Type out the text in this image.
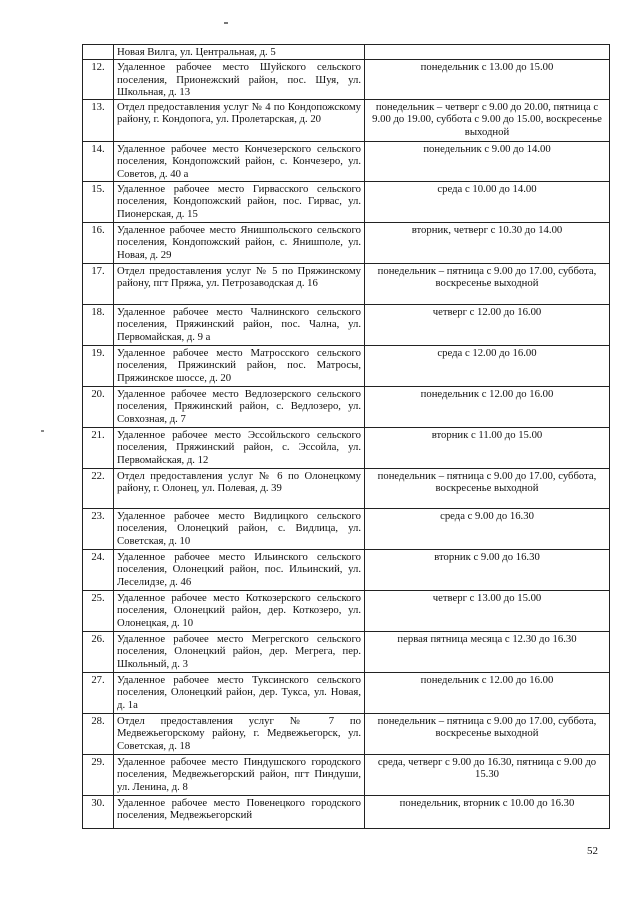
	Новая Вилга, ул. Центральная, д. 5	
12.	Удаленное рабочее место Шуйского сельского поселения, Прионежский район, пос. Шуя, ул. Школьная, д. 13	понедельник с 13.00 до 15.00
13.	Отдел предоставления услуг № 4 по Кондопожскому району, г. Кондопога, ул. Пролетарская, д. 20	понедельник – четверг с 9.00 до 20.00, пятница с 9.00 до 19.00, суббота с 9.00 до 15.00, воскресенье выходной
14.	Удаленное рабочее место Кончезерского сельского поселения, Кондопожский район, с. Кончезеро, ул. Советов, д. 40 а	понедельник с 9.00 до 14.00
15.	Удаленное рабочее место Гирвасского сельского поселения, Кондопожский район, пос. Гирвас, ул. Пионерская, д. 15	среда с 10.00 до 14.00
16.	Удаленное рабочее место Янишпольского сельского поселения, Кондопожский район, с. Янишполе, ул. Новая, д. 29	вторник, четверг с 10.30 до 14.00
17.	Отдел предоставления услуг № 5 по Пряжинскому району, пгт Пряжа, ул. Петрозаводская д. 16	понедельник – пятница с 9.00 до 17.00, суббота, воскресенье выходной
18.	Удаленное рабочее место Чалнинского сельского поселения, Пряжинский район, пос. Чална, ул. Первомайская, д. 9 а	четверг с 12.00 до 16.00
19.	Удаленное рабочее место Матросского сельского поселения, Пряжинский район, пос. Матросы, Пряжинское шоссе, д. 20	среда с 12.00 до 16.00
20.	Удаленное рабочее место Ведлозерского сельского поселения, Пряжинский район, с. Ведлозеро, ул. Совхозная, д. 7	понедельник с 12.00 до 16.00
21.	Удаленное рабочее место Эссойльского сельского поселения, Пряжинский район, с. Эссойла, ул. Первомайская, д. 12	вторник с 11.00 до 15.00
22.	Отдел предоставления услуг № 6 по Олонецкому району, г. Олонец, ул. Полевая, д. 39	понедельник – пятница с 9.00 до 17.00, суббота, воскресенье выходной
23.	Удаленное рабочее место Видлицкого сельского поселения, Олонецкий район, с. Видлица, ул. Советская, д. 10	среда с 9.00 до 16.30
24.	Удаленное рабочее место Ильинского сельского поселения, Олонецкий район, пос. Ильинский, ул. Леселидзе, д. 46	вторник с 9.00 до 16.30
25.	Удаленное рабочее место Коткозерского сельского поселения, Олонецкий район, дер. Коткозеро, ул. Олонецкая, д. 10	четверг с 13.00 до 15.00
26.	Удаленное рабочее место Мегрегского сельского поселения, Олонецкий район, дер. Мегрега, пер. Школьный, д. 3	первая пятница месяца с 12.30 до 16.30
27.	Удаленное рабочее место Туксинского сельского поселения, Олонецкий район, дер. Тукса, ул. Новая, д. 1а	понедельник с 12.00 до 16.00
28.	Отдел предоставления услуг № 7 по Медвежьегорскому району, г. Медвежьегорск, ул. Советская, д. 18	понедельник – пятница с 9.00 до 17.00, суббота, воскресенье выходной
29.	Удаленное рабочее место Пиндушского городского поселения, Медвежьегорский район, пгт Пиндуши, ул. Ленина, д. 8	среда, четверг с 9.00 до 16.30, пятница с 9.00 до 15.30
30.	Удаленное рабочее место Повенецкого городского поселения, Медвежьегорский	понедельник, вторник с 10.00 до 16.30
52
